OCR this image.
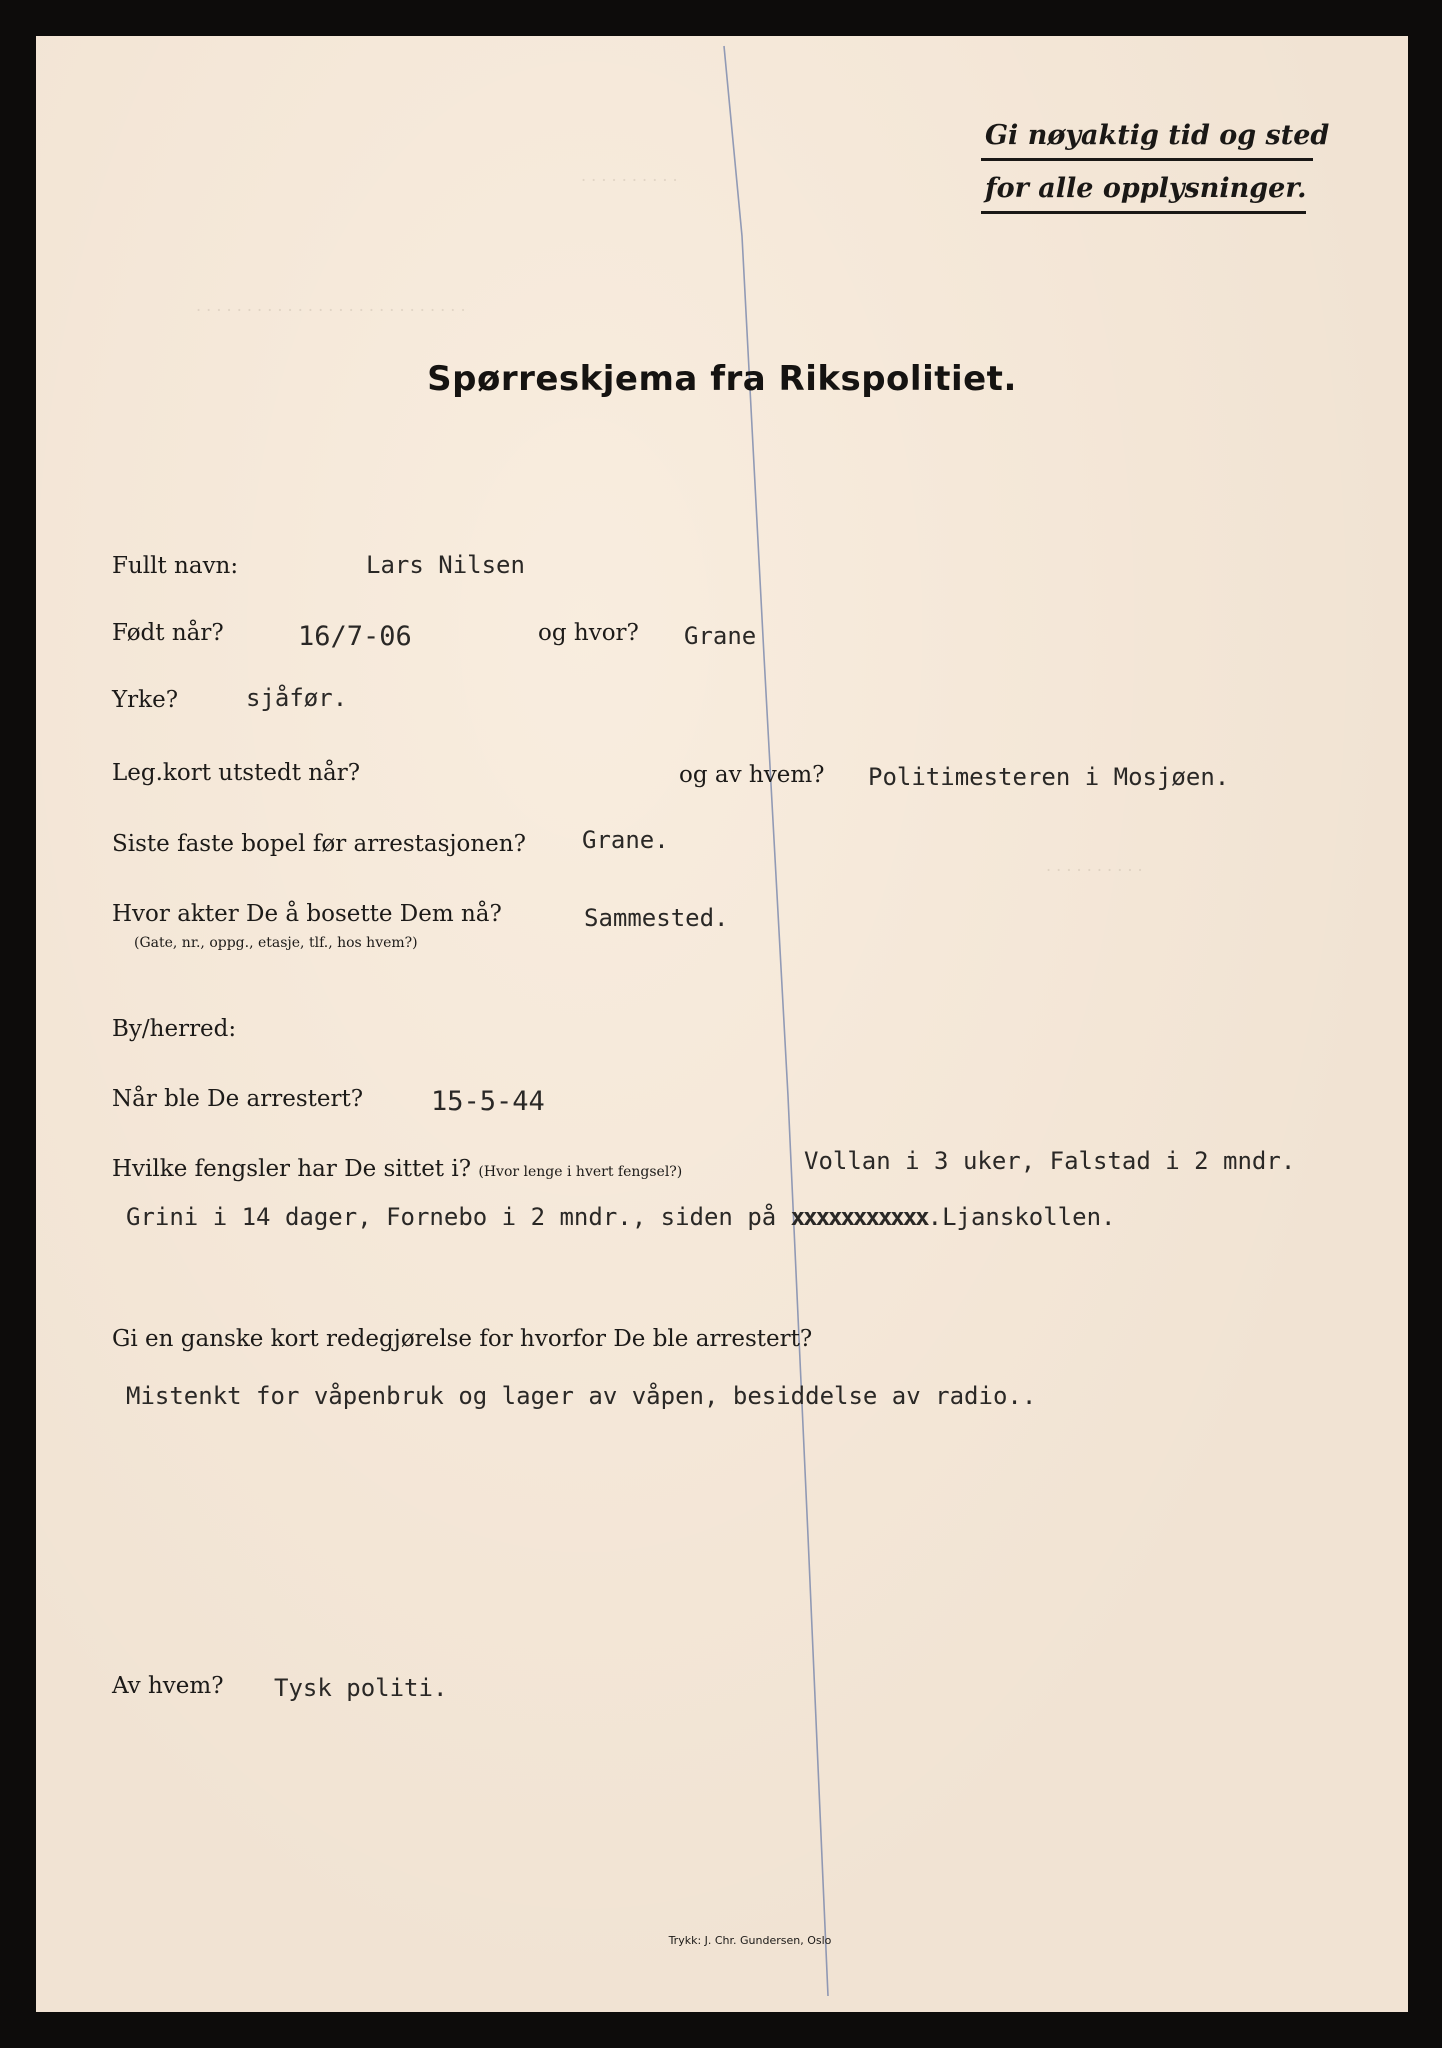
. . . . . . . . . .
. . . . . . . . . . . . . . . . . . . . . . . . . . .
. . . . . . . . . .
Gi nøyaktig tid og sted
for alle opplysninger.
Spørreskjema fra Rikspolitiet.
Fullt navn:	Lars Nilsen
Født når?	16/7-06	og hvor? Grane
Yrke?	sjåfør.
Leg.kort utstedt når?	og av hvem? Politimesteren i Mosjøen.
Siste faste bopel før arrestasjonen? Grane.
Hvor akter De å bosette Dem nå?
(Gate, nr., oppg., etasje, tlf., hos hvem?)
Sammested.
By/herred:
Når ble De arrestert?	15-5-44
Hvilke fengsler har De sittet i? (Hvor lenge i hvert fengsel?)	Vollan i 3 uker, Falstad i 2 mndr.
Grini i 14 dager, Fornebo i 2 mndr., siden på xxxxxxxxxxx.Ljanskollen.
Gi en ganske kort redegjørelse for hvorfor De ble arrestert?
Mistenkt for våpenbruk og lager av våpen, besiddelse av radio..
Av hvem? Tysk politi.
Trykk: J. Chr. Gundersen, Oslo
